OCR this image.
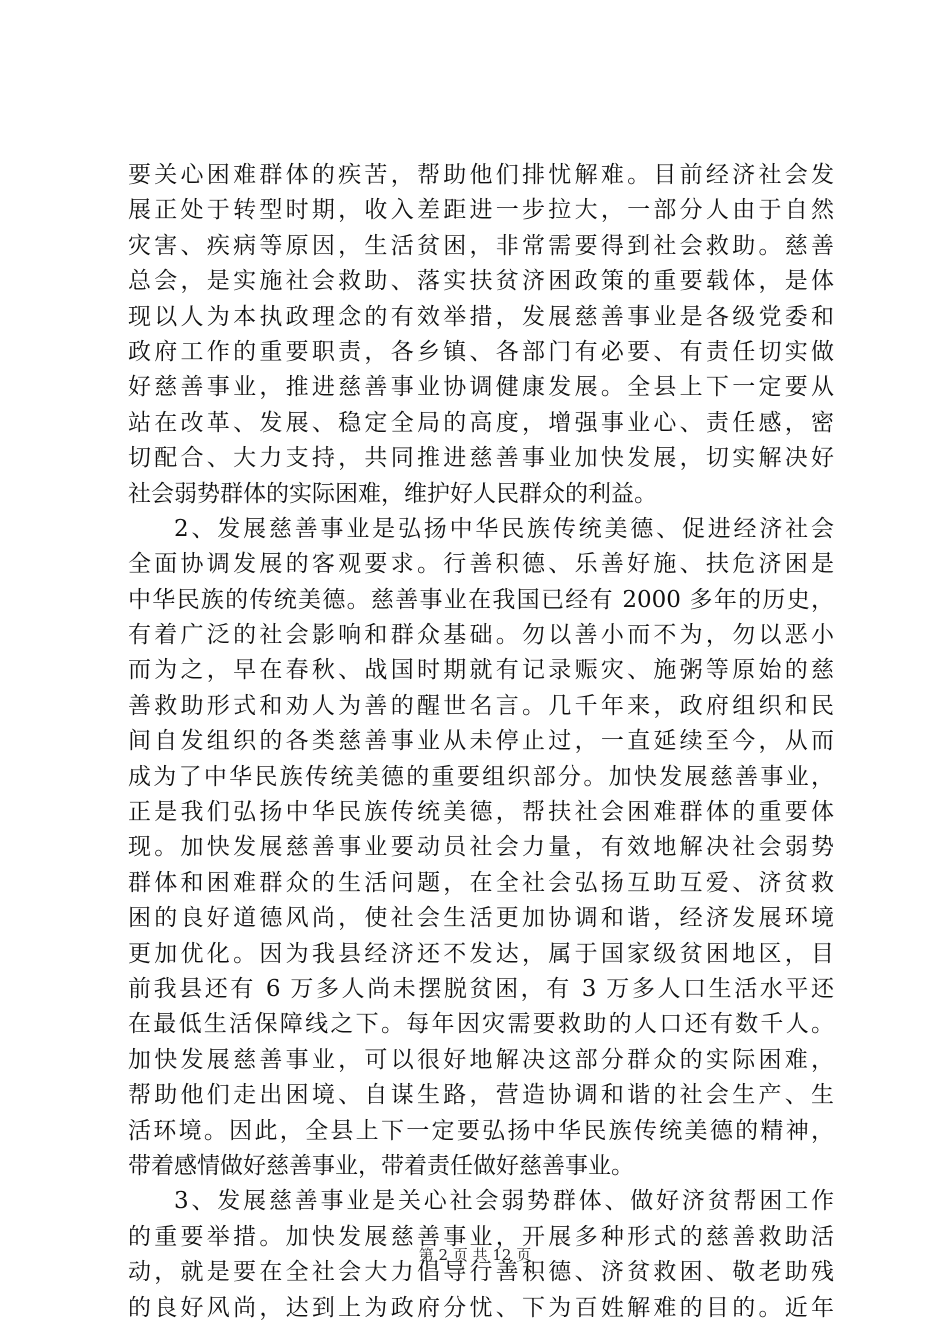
要关心困难群体的疾苦，帮助他们排忧解难。目前经济社会发
展正处于转型时期，收入差距进一步拉大，一部分人由于自然
灾害、疾病等原因，生活贫困，非常需要得到社会救助。慈善
总会，是实施社会救助、落实扶贫济困政策的重要载体，是体
现以人为本执政理念的有效举措，发展慈善事业是各级党委和
政府工作的重要职责，各乡镇、各部门有必要、有责任切实做
好慈善事业，推进慈善事业协调健康发展。全县上下一定要从
站在改革、发展、稳定全局的高度，增强事业心、责任感，密
切配合、大力支持，共同推进慈善事业加快发展，切实解决好
社会弱势群体的实际困难，维护好人民群众的利益。
2、发展慈善事业是弘扬中华民族传统美德、促进经济社会
全面协调发展的客观要求。行善积德、乐善好施、扶危济困是
中华民族的传统美德。慈善事业在我国已经有 2000 多年的历史，
有着广泛的社会影响和群众基础。勿以善小而不为，勿以恶小
而为之，早在春秋、战国时期就有记录赈灾、施粥等原始的慈
善救助形式和劝人为善的醒世名言。几千年来，政府组织和民
间自发组织的各类慈善事业从未停止过，一直延续至今，从而
成为了中华民族传统美德的重要组织部分。加快发展慈善事业，
正是我们弘扬中华民族传统美德，帮扶社会困难群体的重要体
现。加快发展慈善事业要动员社会力量，有效地解决社会弱势
群体和困难群众的生活问题，在全社会弘扬互助互爱、济贫救
困的良好道德风尚，使社会生活更加协调和谐，经济发展环境
更加优化。因为我县经济还不发达，属于国家级贫困地区，目
前我县还有 6 万多人尚未摆脱贫困，有 3 万多人口生活水平还
在最低生活保障线之下。每年因灾需要救助的人口还有数千人。
加快发展慈善事业，可以很好地解决这部分群众的实际困难，
帮助他们走出困境、自谋生路，营造协调和谐的社会生产、生
活环境。因此，全县上下一定要弘扬中华民族传统美德的精神，
带着感情做好慈善事业，带着责任做好慈善事业。
3、发展慈善事业是关心社会弱势群体、做好济贫帮困工作
的重要举措。加快发展慈善事业，开展多种形式的慈善救助活
动，就是要在全社会大力倡导行善积德、济贫救困、敬老助残
的良好风尚，达到上为政府分忧、下为百姓解难的目的。近年
第 2 页 共 12 页
